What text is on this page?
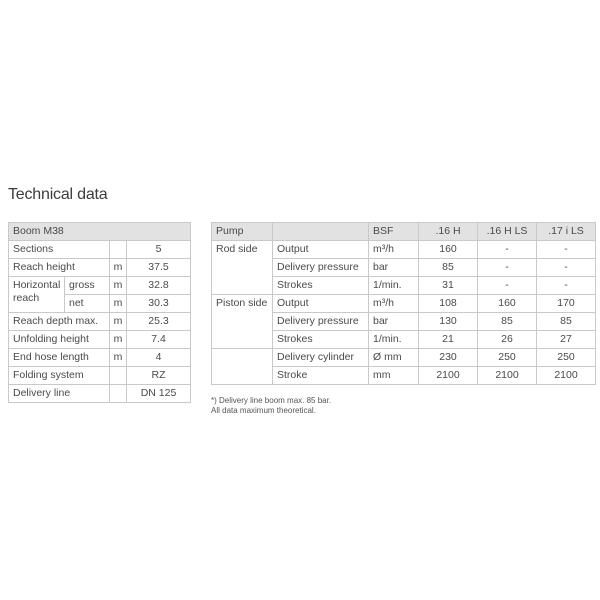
Technical data
Boom M38			
Sections			5
Reach height		m	37.5
Horizontal reach	gross	m	32.8
	net	m	30.3
Reach depth max.		m	25.3
Unfolding height		m	7.4
End hose length		m	4
Folding system			RZ
Delivery line			DN 125
Pump		BSF	.16 H	.16 H LS	.17 i LS
Rod side	Output	m³/h	160	-	-
	Delivery pressure	bar	85	-	-
	Strokes	1/min.	31	-	-
Piston side	Output	m³/h	108	160	170
	Delivery pressure	bar	130	85	85
	Strokes	1/min.	21	26	27
	Delivery cylinder	Ø mm	230	250	250
	Stroke	mm	2100	2100	2100
*) Delivery line boom max. 85 bar.
All data maximum theoretical.
